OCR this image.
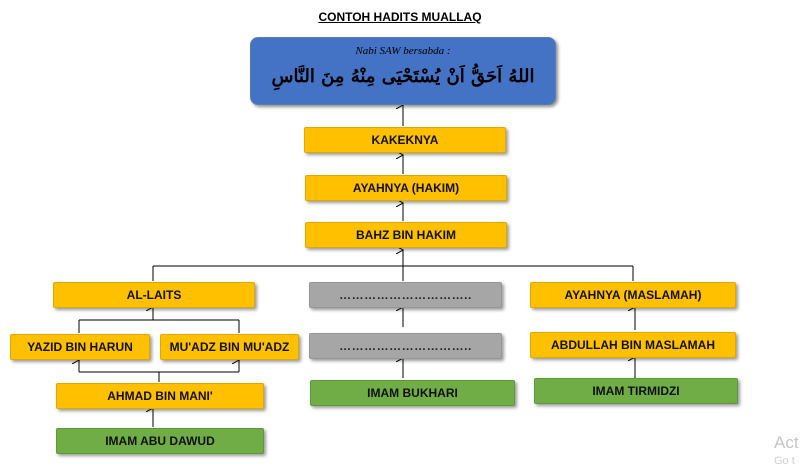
CONTOH HADITS MUALLAQ
Nabi SAW bersabda :
اللهُ اَحَقُّ اَنْ يُسْتَحْيَى مِنْهُ مِنَ النَّاسِ
KAKEKNYA
AYAHNYA (HAKIM)
BAHZ BIN HAKIM
AL-LAITS	…………………………..	AYAHNYA (MASLAMAH)
YAZID BIN HARUN	MU'ADZ BIN MU'ADZ	…………………………..	ABDULLAH BIN MASLAMAH
AHMAD BIN MANI'	IMAM BUKHARI	IMAM TIRMIDZI
IMAM ABU DAWUD	Act
Go t
